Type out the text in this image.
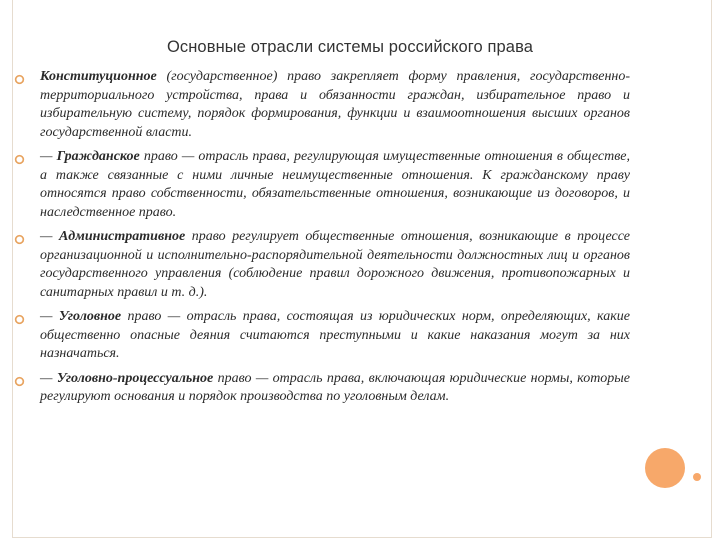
Основные отрасли системы российского права
Конституционное (государственное) право закрепляет форму правления, государственно-территориального устройства, права и обязанности граждан, избирательное право и избирательную систему, порядок формирования, функции и взаимоотношения высших органов государственной власти.
— Гражданское право — отрасль права, регулирующая имущественные отношения в обществе, а также связанные с ними личные неимущественные отношения. К гражданскому праву относятся право собственности, обязательственные отношения, возникающие из договоров, и наследственное право.
— Административное право регулирует общественные отношения, возникающие в процессе организационной и исполнительно-распорядительной деятельности должностных лиц и органов государственного управления (соблюдение правил дорожного движения, противопожарных и санитарных правил и т. д.).
— Уголовное право — отрасль права, состоящая из юридических норм, определяющих, какие общественно опасные деяния считаются преступными и какие наказания могут за них назначаться.
— Уголовно-процессуальное право — отрасль права, включающая юридические нормы, которые регулируют основания и порядок производства по уголовным делам.
